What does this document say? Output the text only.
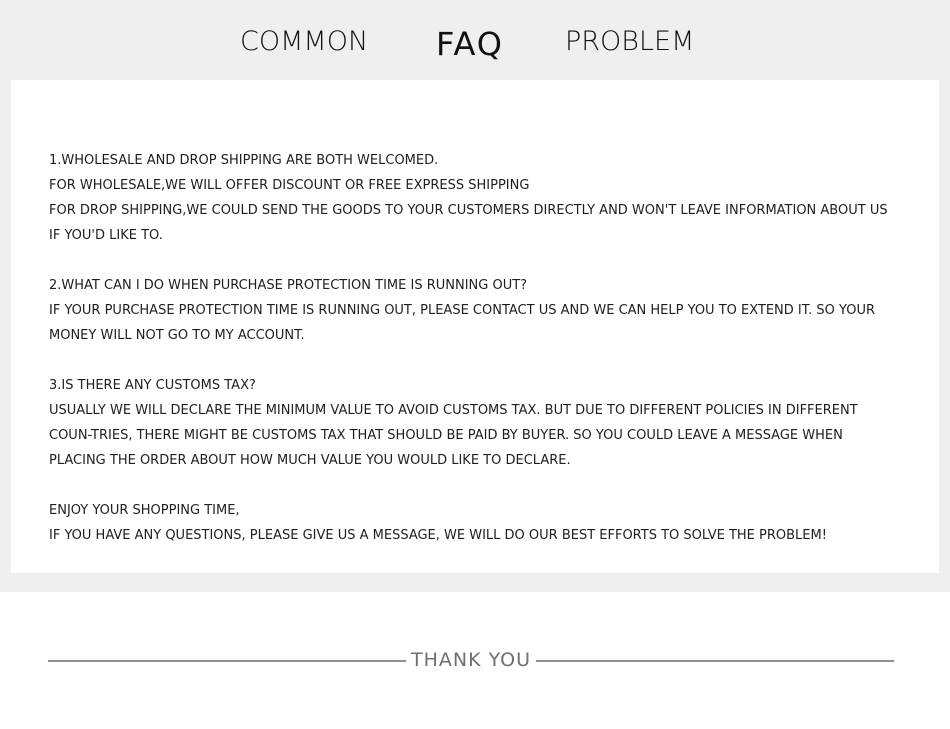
COMMON FAQ PROBLEM

1.WHOLESALE AND DROP SHIPPING ARE BOTH WELCOMED.

FOR WHOLESALE,WE WILL OFFER DISCOUNT OR FREE EXPRESS SHIPPING

FOR DROP SHIPPING,WE COULD SEND THE GOODS TO YOUR CUSTOMERS DIRECTLY AND WON'T LEAVE INFORMATION ABOUT US IF YOU'D LIKE TO.

2.WHAT CAN I DO WHEN PURCHASE PROTECTION TIME IS RUNNING OUT?

IF YOUR PURCHASE PROTECTION TIME IS RUNNING OUT, PLEASE CONTACT US AND WE CAN HELP YOU TO EXTEND IT. SO YOUR MONEY WILL NOT GO TO MY ACCOUNT.

3.IS THERE ANY CUSTOMS TAX?

USUALLY WE WILL DECLARE THE MINIMUM VALUE TO AVOID CUSTOMS TAX. BUT DUE TO DIFFERENT POLICIES IN DIFFERENT COUN-TRIES, THERE MIGHT BE CUSTOMS TAX THAT SHOULD BE PAID BY BUYER. SO YOU COULD LEAVE A MESSAGE WHEN PLACING THE ORDER ABOUT HOW MUCH VALUE YOU WOULD LIKE TO DECLARE.

ENJOY YOUR SHOPPING TIME,

IF YOU HAVE ANY QUESTIONS, PLEASE GIVE US A MESSAGE, WE WILL DO OUR BEST EFFORTS TO SOLVE THE PROBLEM!

THANK YOU
